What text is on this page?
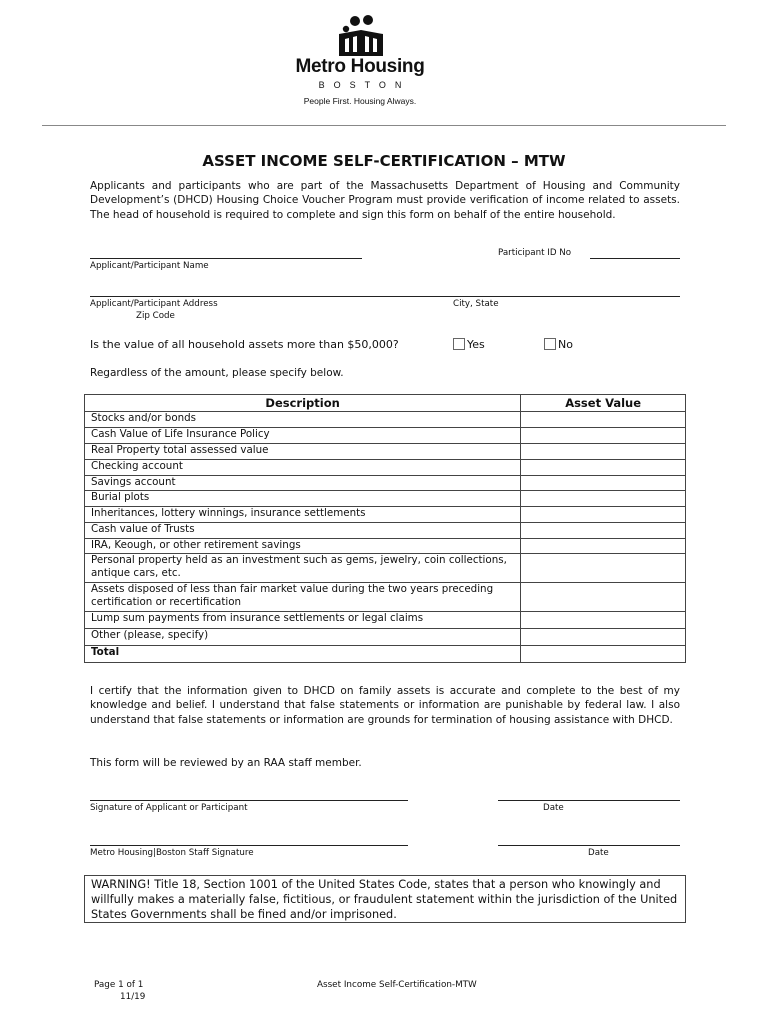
Metro Housing
BOSTON
People First. Housing Always.
ASSET INCOME SELF-CERTIFICATION – MTW
Applicants and participants who are part of the Massachusetts Department of Housing and Community Development’s (DHCD) Housing Choice Voucher Program must provide verification of income related to assets. The head of household is required to complete and sign this form on behalf of the entire household.
Applicant/Participant Name
Participant ID No
Applicant/Participant Address	City, State
Zip Code
Is the value of all household assets more than $50,000?	Yes	No
Regardless of the amount, please specify below.
Description	Asset Value
Stocks and/or bonds	
Cash Value of Life Insurance Policy	
Real Property total assessed value	
Checking account	
Savings account	
Burial plots	
Inheritances, lottery winnings, insurance settlements	
Cash value of Trusts	
IRA, Keough, or other retirement savings	
Personal property held as an investment such as gems, jewelry, coin collections, antique cars, etc.	
Assets disposed of less than fair market value during the two years preceding certification or recertification	
Lump sum payments from insurance settlements or legal claims	
Other (please, specify)	
Total	
I certify that the information given to DHCD on family assets is accurate and complete to the best of my knowledge and belief. I understand that false statements or information are punishable by federal law. I also understand that false statements or information are grounds for termination of housing assistance with DHCD.
This form will be reviewed by an RAA staff member.
Signature of Applicant or Participant	Date
Metro Housing|Boston Staff Signature	Date
WARNING! Title 18, Section 1001 of the United States Code, states that a person who knowingly and willfully makes a materially false, fictitious, or fraudulent statement within the jurisdiction of the United States Governments shall be fined and/or imprisoned.
Page 1 of 1
11/19
Asset Income Self-Certification-MTW
